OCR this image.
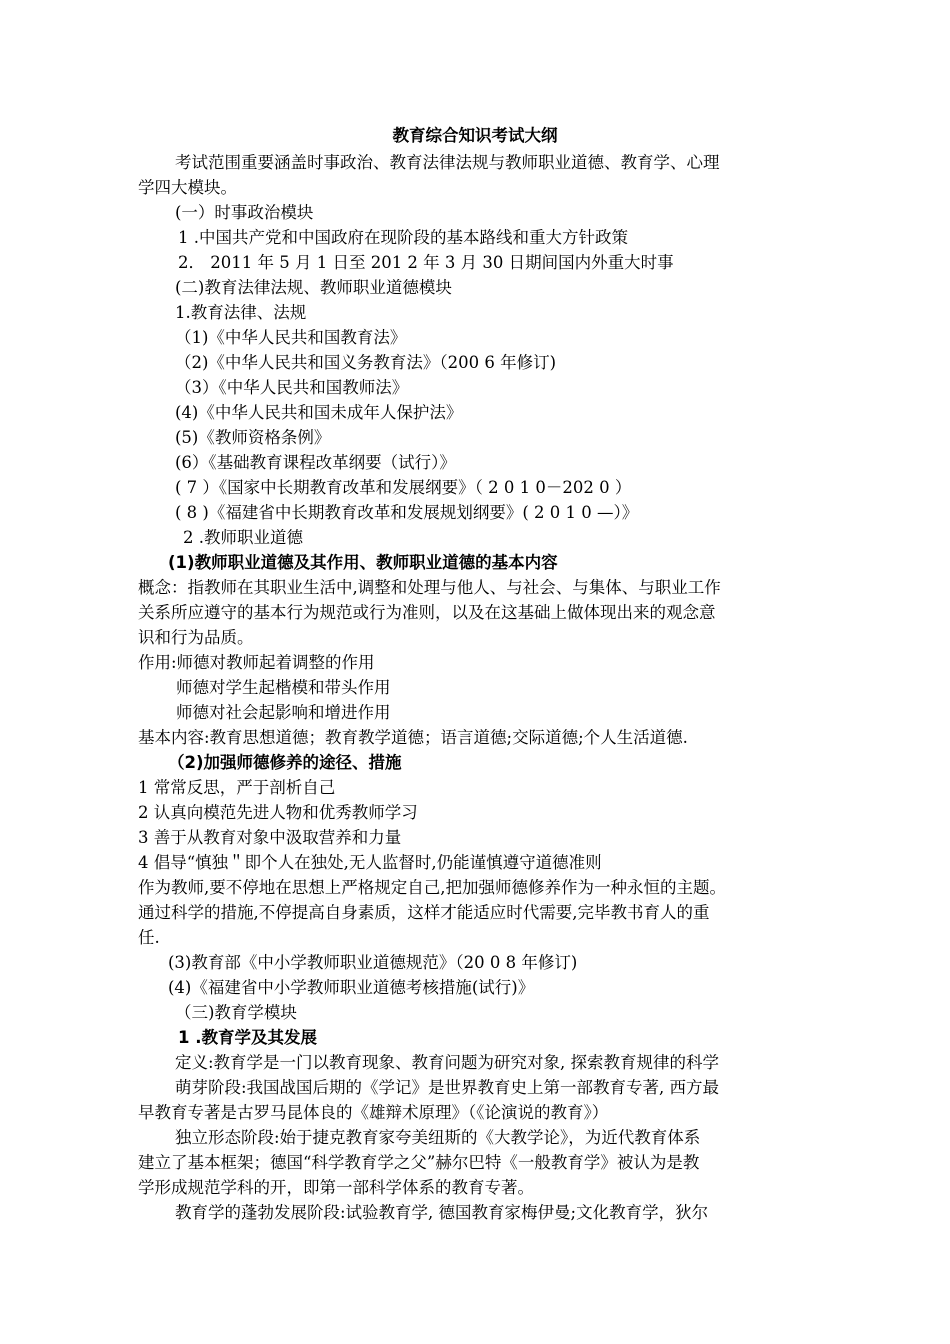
教育综合知识考试大纲
考试范围重要涵盖时事政治、教育法律法规与教师职业道德、教育学、心理
学四大模块。
(一）时事政治模块
1 .中国共产党和中国政府在现阶段的基本路线和重大方针政策
2． 2011 年 5 月 1 日至 201 2 年 3 月 30 日期间国内外重大时事
(二)教育法律法规、教师职业道德模块
1.教育法律、法规
（1)《中华人民共和国教育法》
（2)《中华人民共和国义务教育法》（200 6 年修订)
（3）《中华人民共和国教师法》
(4)《中华人民共和国未成年人保护法》
(5)《教师资格条例》
(6）《基础教育课程改革纲要（试行）》
( 7 ）《国家中长期教育改革和发展纲要》（ 2 0 1 0－202 0 ）
( 8 )《福建省中长期教育改革和发展规划纲要》( 2 0 1 0 —）》
2 .教师职业道德
(1)教师职业道德及其作用、教师职业道德的基本内容
概念：指教师在其职业生活中,调整和处理与他人、与社会、与集体、与职业工作
关系所应遵守的基本行为规范或行为准则，以及在这基础上做体现出来的观念意
识和行为品质。
作用:师德对教师起着调整的作用
师德对学生起楷模和带头作用
师德对社会起影响和增进作用
基本内容:教育思想道德；教育教学道德；语言道德;交际道德;个人生活道德.
（2)加强师德修养的途径、措施
1 常常反思，严于剖析自己
2 认真向模范先进人物和优秀教师学习
3 善于从教育对象中汲取营养和力量
4 倡导“慎独＂即个人在独处,无人监督时,仍能谨慎遵守道德准则
作为教师,要不停地在思想上严格规定自己,把加强师德修养作为一种永恒的主题。
通过科学的措施,不停提高自身素质，这样才能适应时代需要,完毕教书育人的重
任.
(3)教育部《中小学教师职业道德规范》（20 0 8 年修订)
(4)《福建省中小学教师职业道德考核措施(试行)》
（三)教育学模块
1 .教育学及其发展
定义:教育学是一门以教育现象、教育问题为研究对象, 探索教育规律的科学
萌芽阶段:我国战国后期的《学记》是世界教育史上第一部教育专著, 西方最
早教育专著是古罗马昆体良的《雄辩术原理》（《论演说的教育》）
独立形态阶段:始于捷克教育家夸美纽斯的《大教学论》，为近代教育体系
建立了基本框架；德国“科学教育学之父”赫尔巴特《一般教育学》被认为是教
学形成规范学科的开，即第一部科学体系的教育专著。
教育学的蓬勃发展阶段:试验教育学, 德国教育家梅伊曼;文化教育学，狄尔
